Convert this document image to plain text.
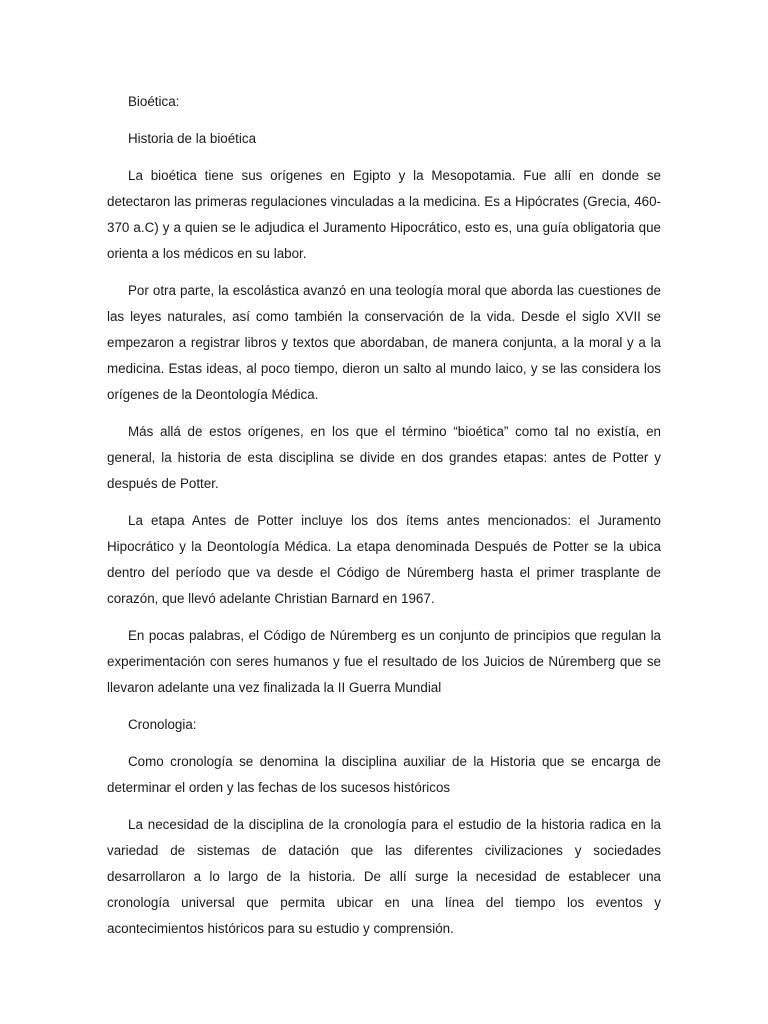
Bioética:

Historia de la bioética

La bioética tiene sus orígenes en Egipto y la Mesopotamia. Fue allí en donde se detectaron las primeras regulaciones vinculadas a la medicina. Es a Hipócrates (Grecia, 460-370 a.C) y a quien se le adjudica el Juramento Hipocrático, esto es, una guía obligatoria que orienta a los médicos en su labor.

Por otra parte, la escolástica avanzó en una teología moral que aborda las cuestiones de las leyes naturales, así como también la conservación de la vida. Desde el siglo XVII se empezaron a registrar libros y textos que abordaban, de manera conjunta, a la moral y a la medicina. Estas ideas, al poco tiempo, dieron un salto al mundo laico, y se las considera los orígenes de la Deontología Médica.

Más allá de estos orígenes, en los que el término “bioética” como tal no existía, en general, la historia de esta disciplina se divide en dos grandes etapas: antes de Potter y después de Potter.

La etapa Antes de Potter incluye los dos ítems antes mencionados: el Juramento Hipocrático y la Deontología Médica. La etapa denominada Después de Potter se la ubica dentro del período que va desde el Código de Núremberg hasta el primer trasplante de corazón, que llevó adelante Christian Barnard en 1967.

En pocas palabras, el Código de Núremberg es un conjunto de principios que regulan la experimentación con seres humanos y fue el resultado de los Juicios de Núremberg que se llevaron adelante una vez finalizada la II Guerra Mundial

Cronologia:

Como cronología se denomina la disciplina auxiliar de la Historia que se encarga de determinar el orden y las fechas de los sucesos históricos

La necesidad de la disciplina de la cronología para el estudio de la historia radica en la variedad de sistemas de datación que las diferentes civilizaciones y sociedades desarrollaron a lo largo de la historia. De allí surge la necesidad de establecer una cronología universal que permita ubicar en una línea del tiempo los eventos y acontecimientos históricos para su estudio y comprensión.
